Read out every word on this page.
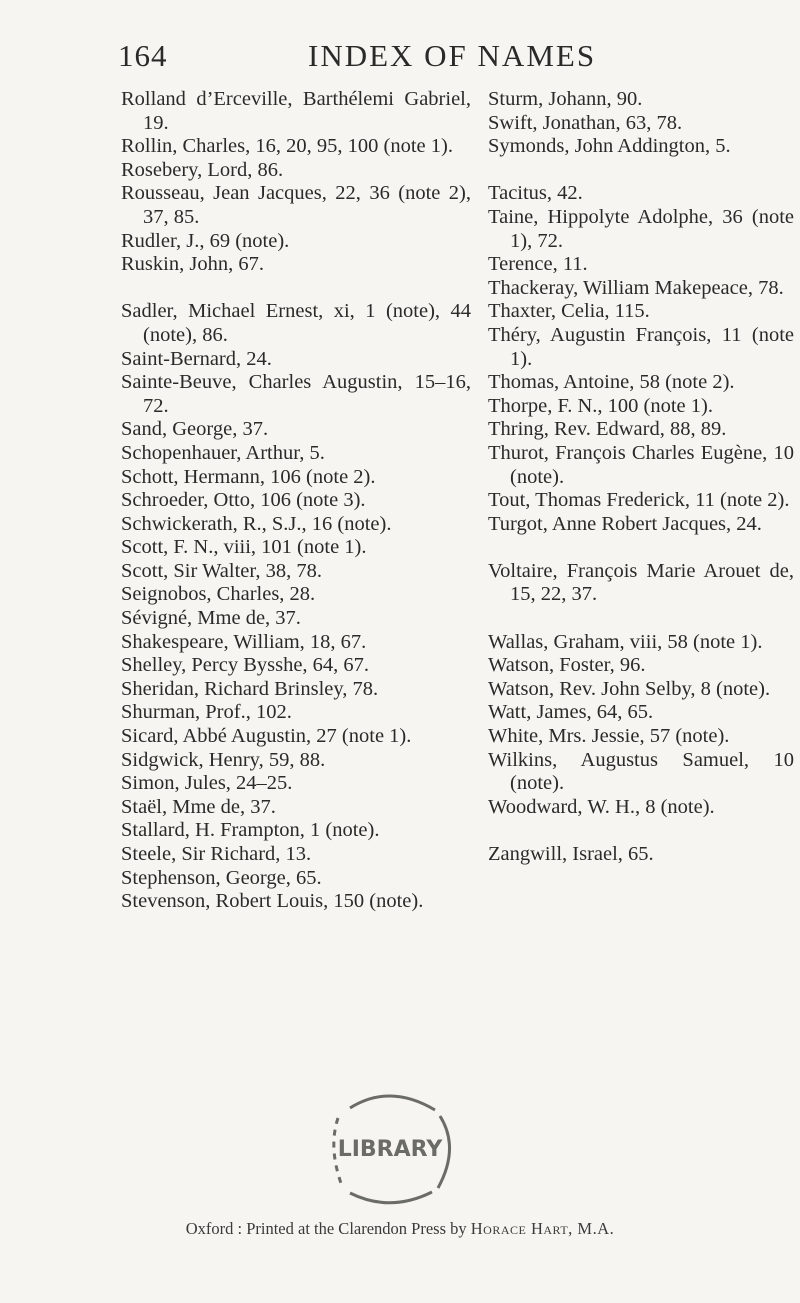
164	INDEX OF NAMES
Rolland d’Erceville, Barthélemi Gabriel, 19.
Rollin, Charles, 16, 20, 95, 100 (note 1).
Rosebery, Lord, 86.
Rousseau, Jean Jacques, 22, 36 (note 2), 37, 85.
Rudler, J., 69 (note).
Ruskin, John, 67.
Sadler, Michael Ernest, xi, 1 (note), 44 (note), 86.
Saint-Bernard, 24.
Sainte-Beuve, Charles Augustin, 15–16, 72.
Sand, George, 37.
Schopenhauer, Arthur, 5.
Schott, Hermann, 106 (note 2).
Schroeder, Otto, 106 (note 3).
Schwickerath, R., S.J., 16 (note).
Scott, F. N., viii, 101 (note 1).
Scott, Sir Walter, 38, 78.
Seignobos, Charles, 28.
Sévigné, Mme de, 37.
Shakespeare, William, 18, 67.
Shelley, Percy Bysshe, 64, 67.
Sheridan, Richard Brinsley, 78.
Shurman, Prof., 102.
Sicard, Abbé Augustin, 27 (note 1).
Sidgwick, Henry, 59, 88.
Simon, Jules, 24–25.
Staël, Mme de, 37.
Stallard, H. Frampton, 1 (note).
Steele, Sir Richard, 13.
Stephenson, George, 65.
Stevenson, Robert Louis, 150 (note).
Sturm, Johann, 90.
Swift, Jonathan, 63, 78.
Symonds, John Addington, 5.
Tacitus, 42.
Taine, Hippolyte Adolphe, 36 (note 1), 72.
Terence, 11.
Thackeray, William Makepeace, 78.
Thaxter, Celia, 115.
Théry, Augustin François, 11 (note 1).
Thomas, Antoine, 58 (note 2).
Thorpe, F. N., 100 (note 1).
Thring, Rev. Edward, 88, 89.
Thurot, François Charles Eugène, 10 (note).
Tout, Thomas Frederick, 11 (note 2).
Turgot, Anne Robert Jacques, 24.
Voltaire, François Marie Arouet de, 15, 22, 37.
Wallas, Graham, viii, 58 (note 1).
Watson, Foster, 96.
Watson, Rev. John Selby, 8 (note).
Watt, James, 64, 65.
White, Mrs. Jessie, 57 (note).
Wilkins, Augustus Samuel, 10 (note).
Woodward, W. H., 8 (note).
Zangwill, Israel, 65.
LIBRARY
Oxford : Printed at the Clarendon Press by Horace Hart, M.A.
